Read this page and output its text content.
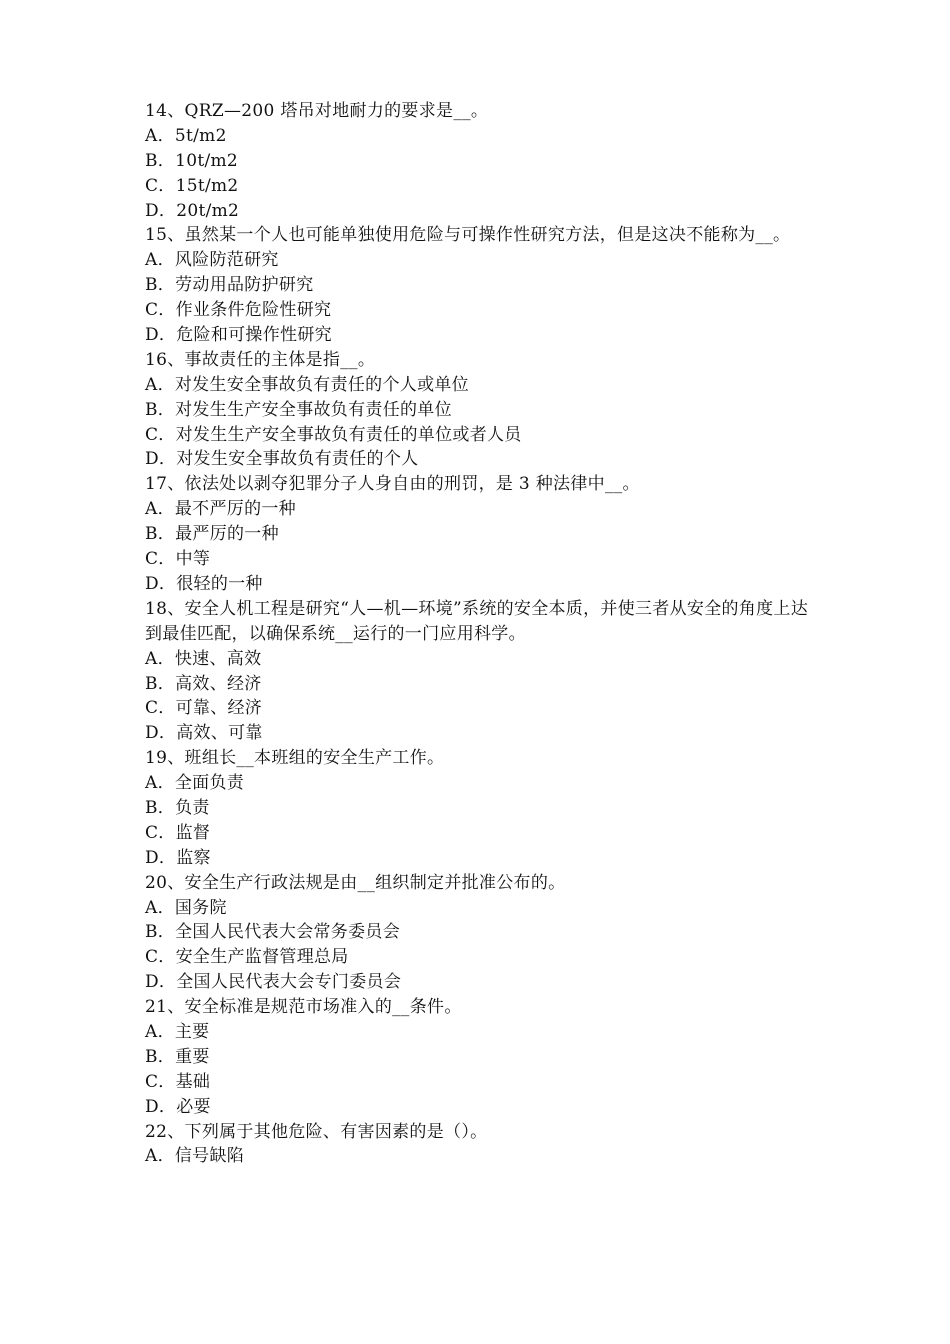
14、QRZ—200 塔吊对地耐力的要求是__。
A．5t/m2
B．10t/m2
C．15t/m2
D．20t/m2
15、虽然某一个人也可能单独使用危险与可操作性研究方法，但是这决不能称为__。
A．风险防范研究
B．劳动用品防护研究
C．作业条件危险性研究
D．危险和可操作性研究
16、事故责任的主体是指__。
A．对发生安全事故负有责任的个人或单位
B．对发生生产安全事故负有责任的单位
C．对发生生产安全事故负有责任的单位或者人员
D．对发生安全事故负有责任的个人
17、依法处以剥夺犯罪分子人身自由的刑罚，是 3 种法律中__。
A．最不严厉的一种
B．最严厉的一种
C．中等
D．很轻的一种
18、安全人机工程是研究“人—机—环境”系统的安全本质，并使三者从安全的角度上达到最佳匹配，以确保系统__运行的一门应用科学。
A．快速、高效
B．高效、经济
C．可靠、经济
D．高效、可靠
19、班组长__本班组的安全生产工作。
A．全面负责
B．负责
C．监督
D．监察
20、安全生产行政法规是由__组织制定并批准公布的。
A．国务院
B．全国人民代表大会常务委员会
C．安全生产监督管理总局
D．全国人民代表大会专门委员会
21、安全标准是规范市场准入的__条件。
A．主要
B．重要
C．基础
D．必要
22、下列属于其他危险、有害因素的是（）。
A．信号缺陷
